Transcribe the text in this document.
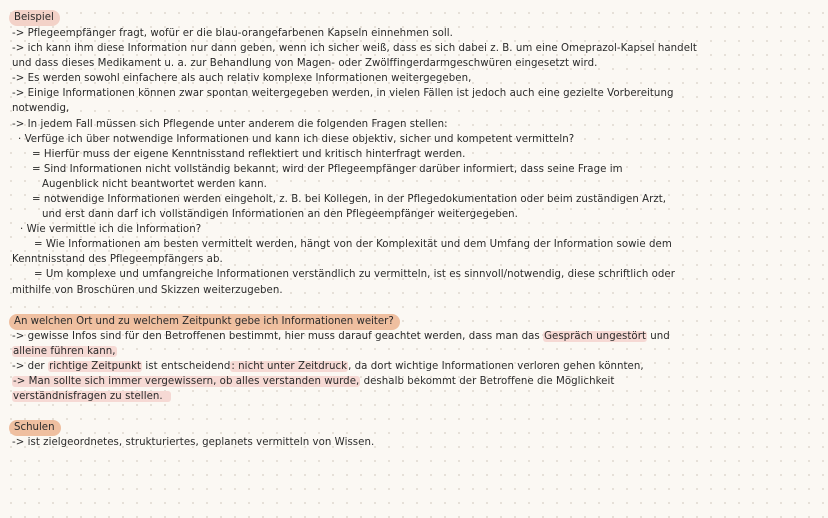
Beispiel
-> Pflegeempfänger fragt, wofür er die blau-orangefarbenen Kapseln einnehmen soll.
-> ich kann ihm diese Information nur dann geben, wenn ich sicher weiß, dass es sich dabei z. B. um eine Omeprazol-Kapsel handelt
und dass dieses Medikament u. a. zur Behandlung von Magen- oder Zwölffingerdarmgeschwüren eingesetzt wird.
-> Es werden sowohl einfachere als auch relativ komplexe Informationen weitergegeben,
-> Einige Informationen können zwar spontan weitergegeben werden, in vielen Fällen ist jedoch auch eine gezielte Vorbereitung
notwendig,
-> In jedem Fall müssen sich Pflegende unter anderem die folgenden Fragen stellen:
· Verfüge ich über notwendige Informationen und kann ich diese objektiv, sicher und kompetent vermitteln?
= Hierfür muss der eigene Kenntnisstand reflektiert und kritisch hinterfragt werden.
= Sind Informationen nicht vollständig bekannt, wird der Pflegeempfänger darüber informiert, dass seine Frage im
Augenblick nicht beantwortet werden kann.
= notwendige Informationen werden eingeholt, z. B. bei Kollegen, in der Pflegedokumentation oder beim zuständigen Arzt,
und erst dann darf ich vollständigen Informationen an den Pflegeempfänger weitergegeben.
· Wie vermittle ich die Information?
= Wie Informationen am besten vermittelt werden, hängt von der Komplexität und dem Umfang der Information sowie dem
Kenntnisstand des Pflegeempfängers ab.
= Um komplexe und umfangreiche Informationen verständlich zu vermitteln, ist es sinnvoll/notwendig, diese schriftlich oder
mithilfe von Broschüren und Skizzen weiterzugeben.
An welchen Ort und zu welchem Zeitpunkt gebe ich Informationen weiter?
-> gewisse Infos sind für den Betroffenen bestimmt, hier muss darauf geachtet werden, dass man das Gespräch ungestört und
alleine führen kann,
-> der richtige Zeitpunkt ist entscheidend: nicht unter Zeitdruck, da dort wichtige Informationen verloren gehen könnten,
-> Man sollte sich immer vergewissern, ob alles verstanden wurde, deshalb bekommt der Betroffene die Möglichkeit
verständnisfragen zu stellen.
Schulen
-> ist zielgeordnetes, strukturiertes, geplanets vermitteln von Wissen.
